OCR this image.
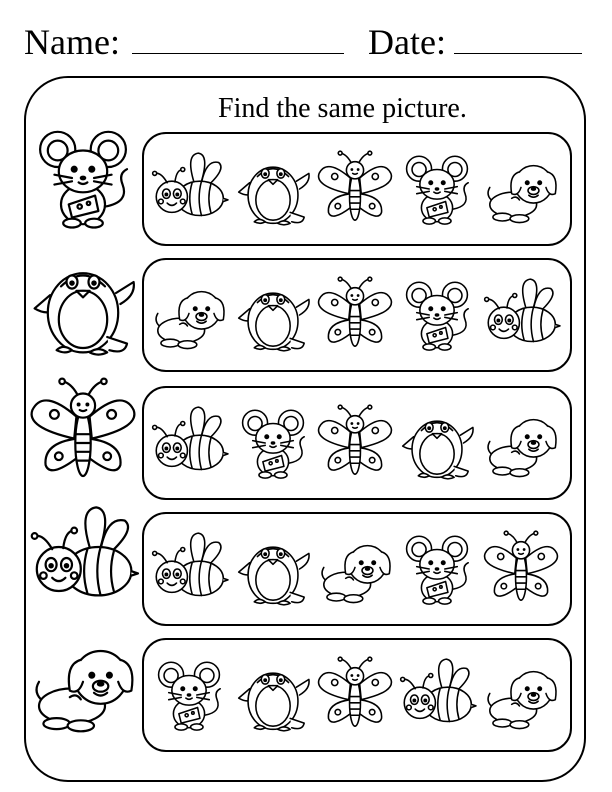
Name:	Date:
Find the same picture.
